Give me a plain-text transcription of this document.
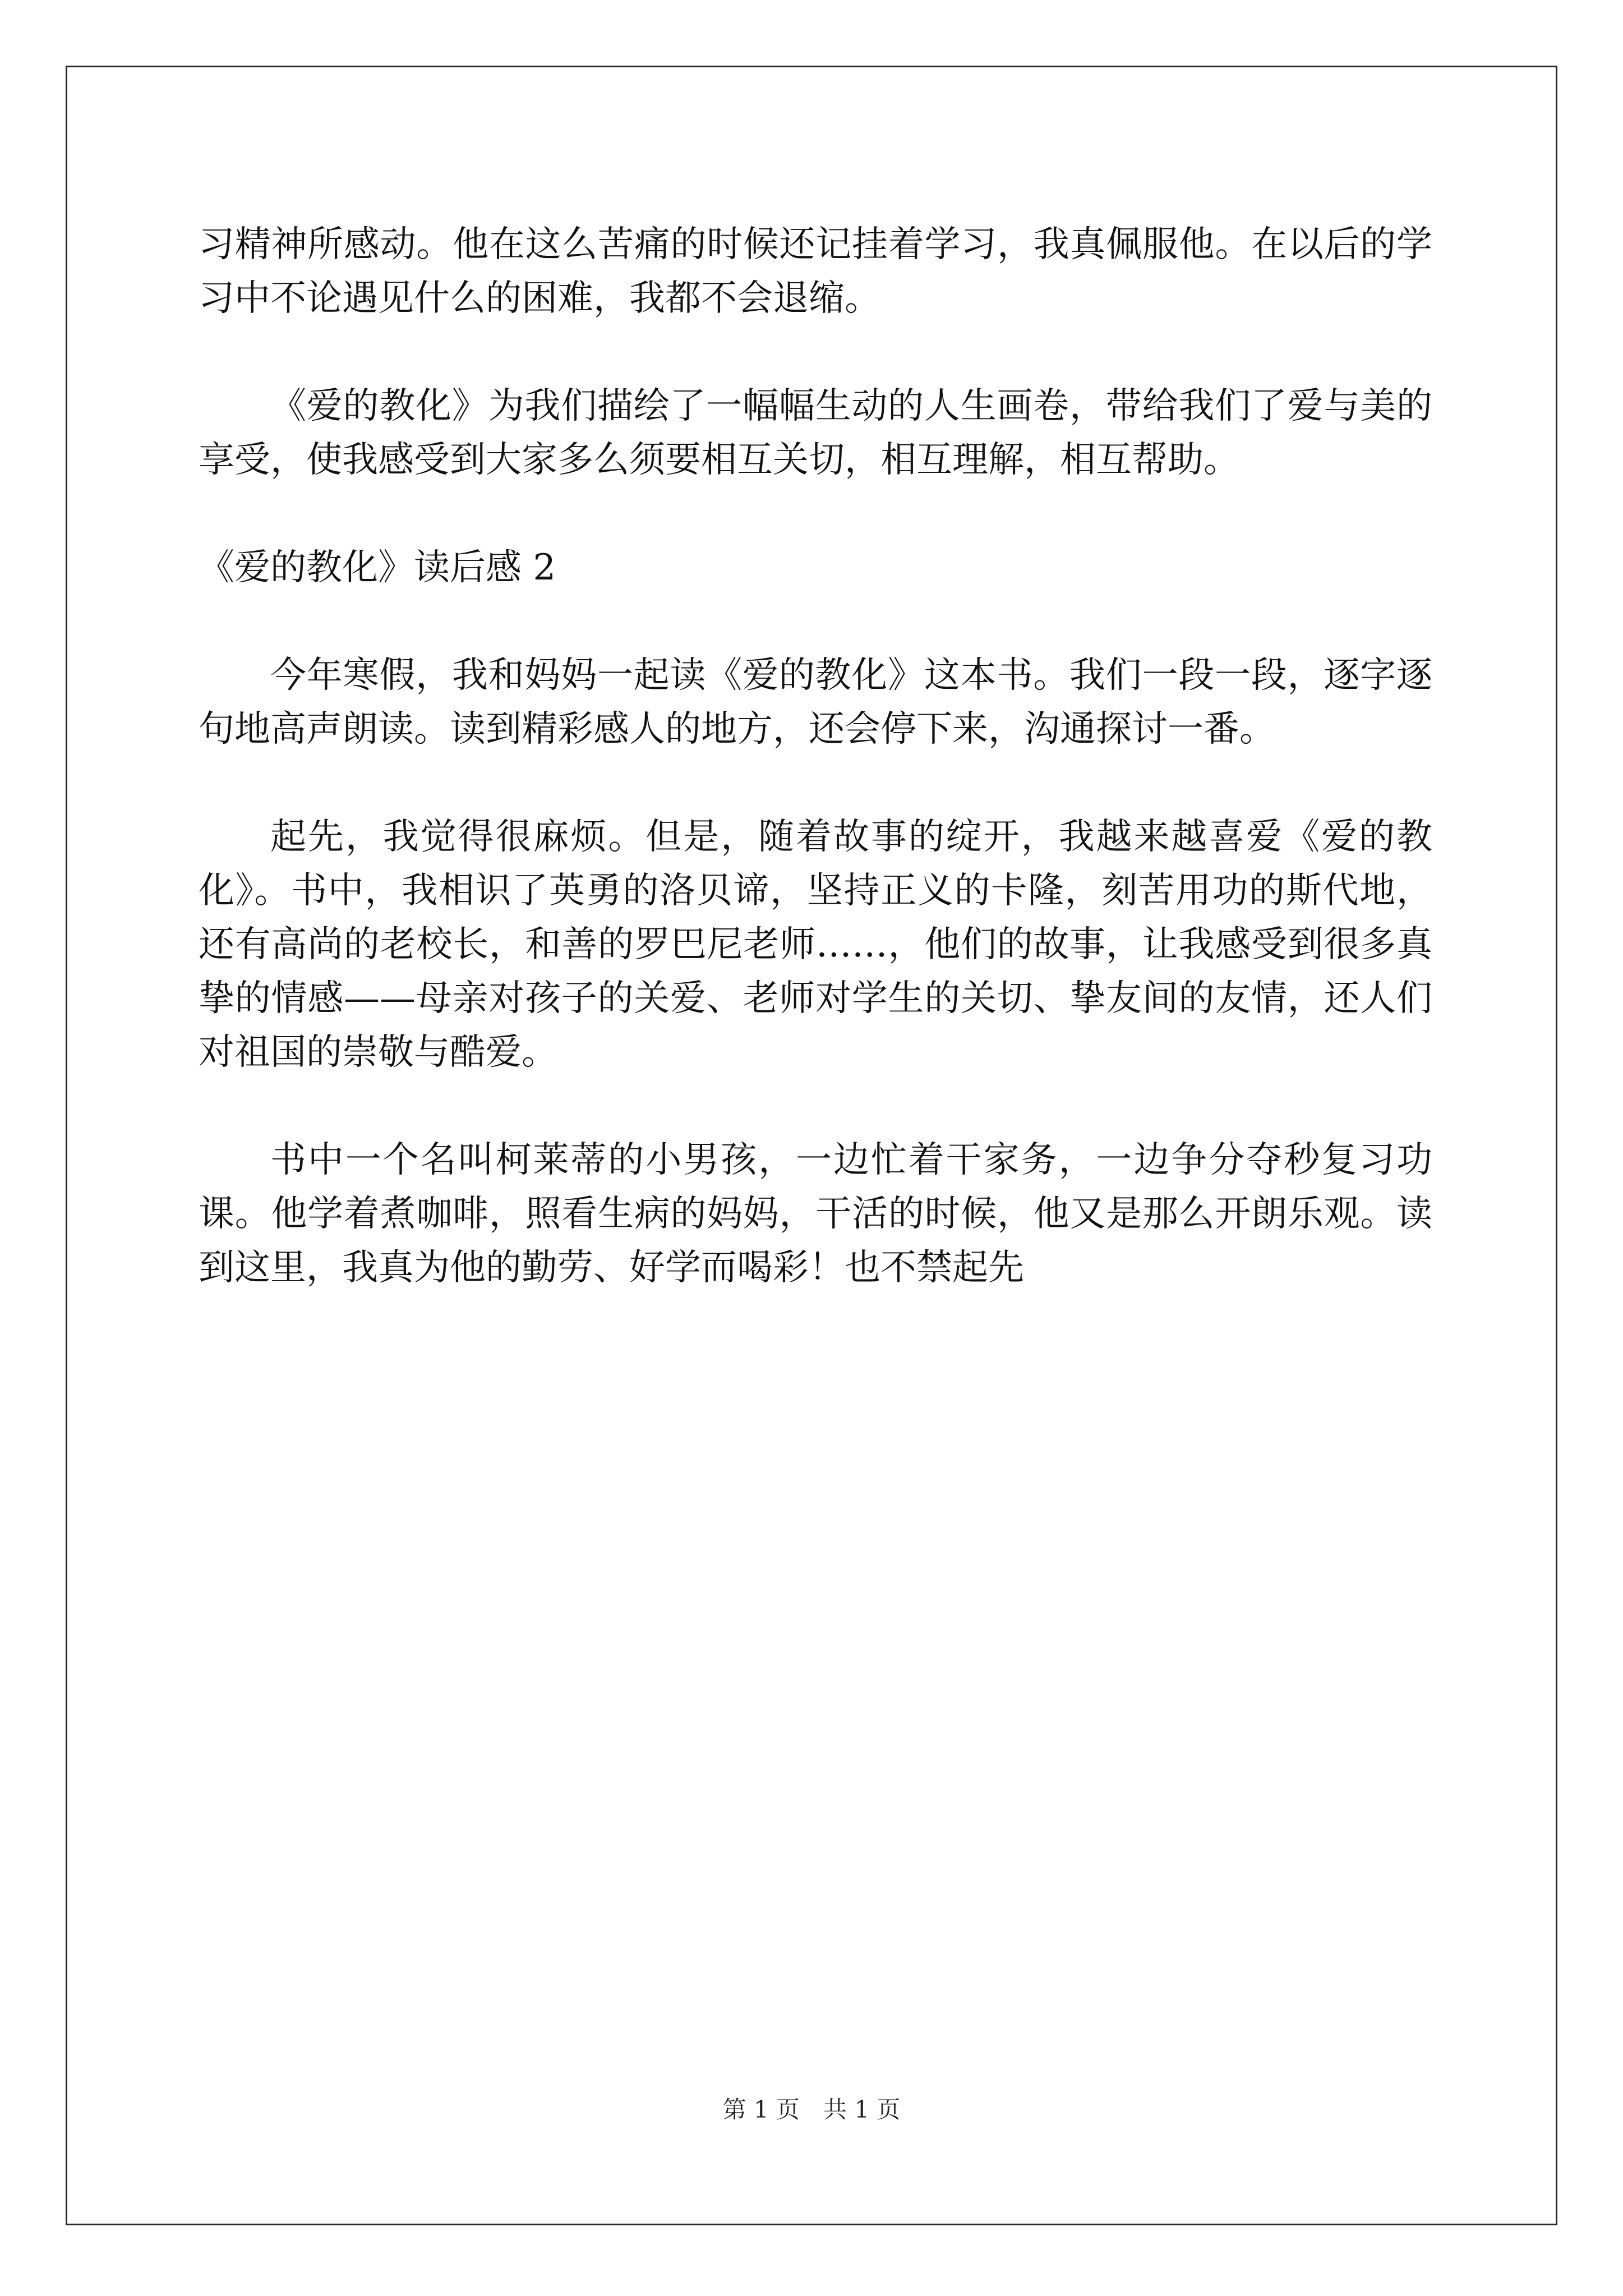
习精神所感动。他在这么苦痛的时候还记挂着学习，我真佩服他。在以后的学习中不论遇见什么的困难，我都不会退缩。

《爱的教化》为我们描绘了一幅幅生动的人生画卷，带给我们了爱与美的享受，使我感受到大家多么须要相互关切，相互理解，相互帮助。

《爱的教化》读后感 2

今年寒假，我和妈妈一起读《爱的教化》这本书。我们一段一段，逐字逐句地高声朗读。读到精彩感人的地方，还会停下来，沟通探讨一番。

起先，我觉得很麻烦。但是，随着故事的绽开，我越来越喜爱《爱的教化》。书中，我相识了英勇的洛贝谛，坚持正义的卡隆，刻苦用功的斯代地，还有高尚的老校长，和善的罗巴尼老师……，他们的故事，让我感受到很多真挚的情感——母亲对孩子的关爱、老师对学生的关切、挚友间的友情，还人们对祖国的崇敬与酷爱。

书中一个名叫柯莱蒂的小男孩，一边忙着干家务，一边争分夺秒复习功课。他学着煮咖啡，照看生病的妈妈，干活的时候，他又是那么开朗乐观。读到这里，我真为他的勤劳、好学而喝彩！也不禁起先

第 1 页 共 1 页
